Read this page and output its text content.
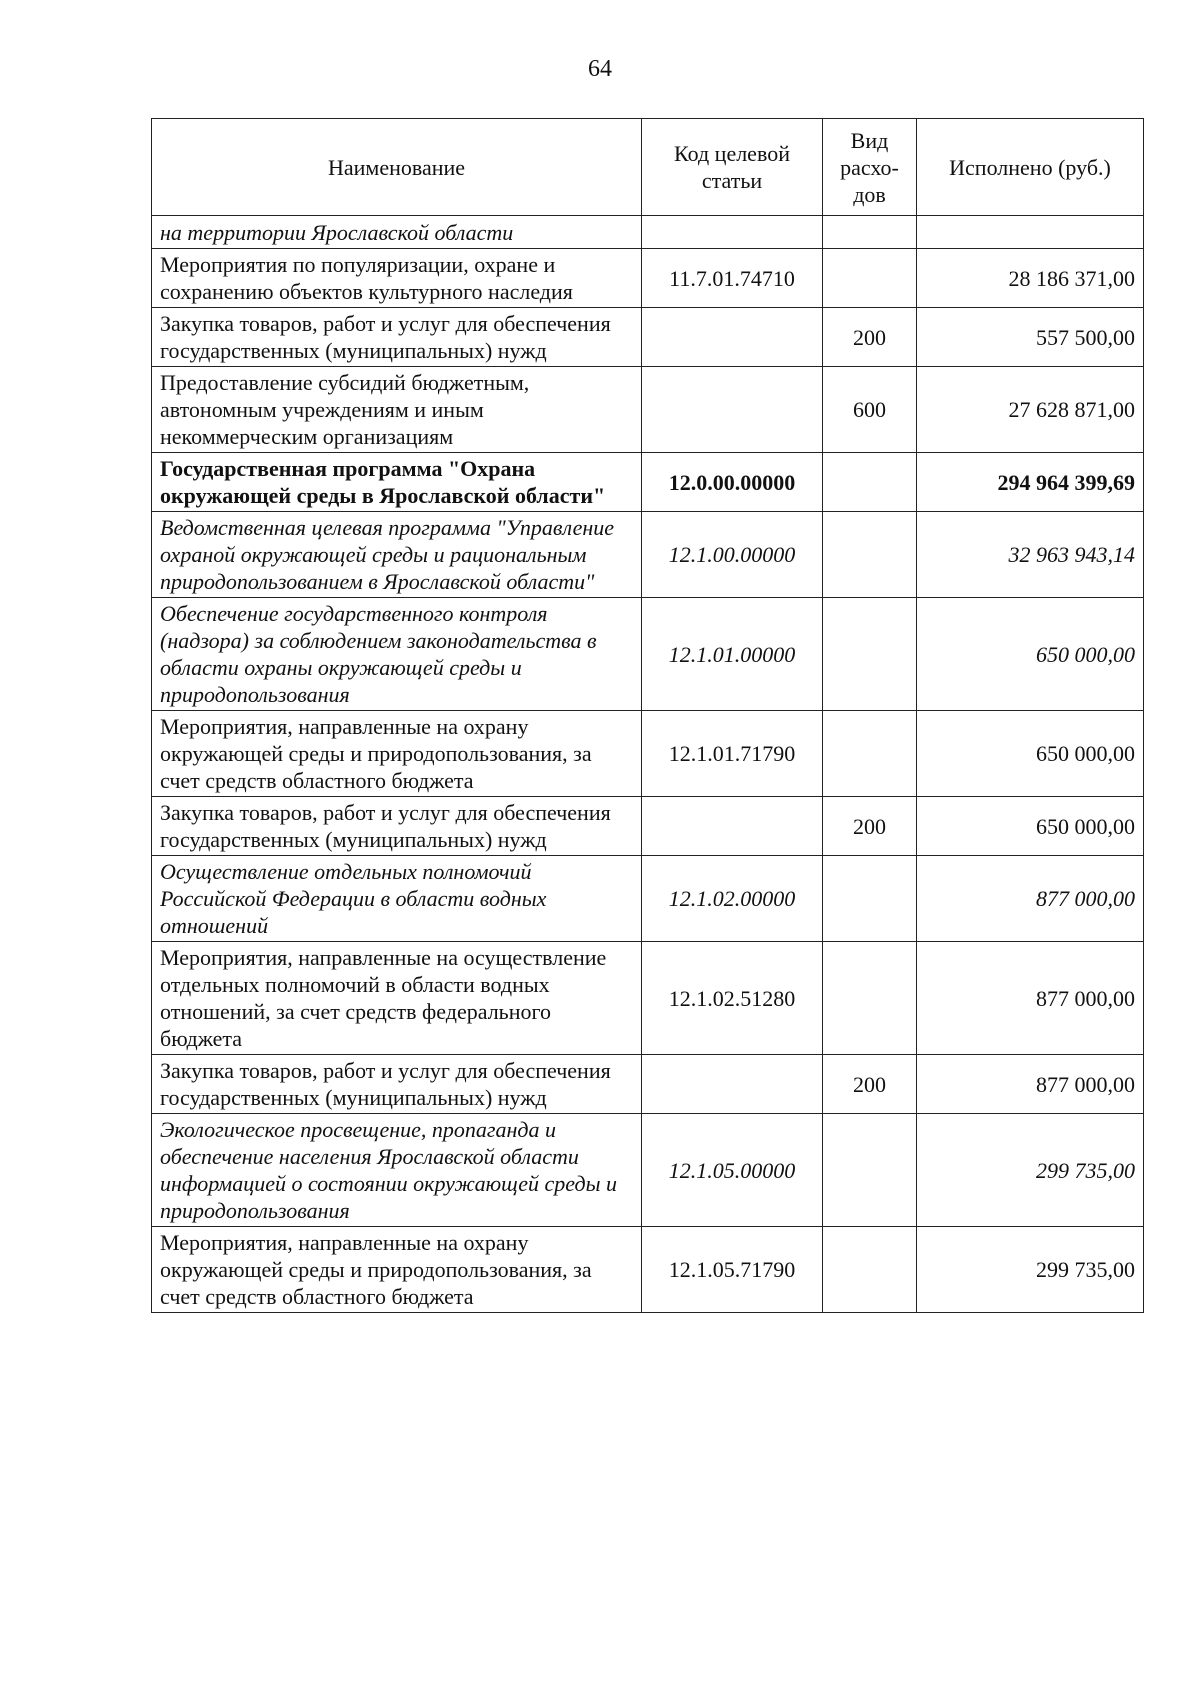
64
Наименование	Код целевой статьи	Вид расхо-дов	Исполнено (руб.)
на территории Ярославской области			
Мероприятия по популяризации, охране и сохранению объектов культурного наследия	11.7.01.74710		28 186 371,00
Закупка товаров, работ и услуг для обеспечения государственных (муниципальных) нужд		200	557 500,00
Предоставление субсидий бюджетным, автономным учреждениям и иным некоммерческим организациям		600	27 628 871,00
Государственная программа "Охрана окружающей среды в Ярославской области"	12.0.00.00000		294 964 399,69
Ведомственная целевая программа "Управление охраной окружающей среды и рациональным природопользованием в Ярославской области"	12.1.00.00000		32 963 943,14
Обеспечение государственного контроля (надзора) за соблюдением законодательства в области охраны окружающей среды и природопользования	12.1.01.00000		650 000,00
Мероприятия, направленные на охрану окружающей среды и природопользования, за счет средств областного бюджета	12.1.01.71790		650 000,00
Закупка товаров, работ и услуг для обеспечения государственных (муниципальных) нужд		200	650 000,00
Осуществление отдельных полномочий Российской Федерации в области водных отношений	12.1.02.00000		877 000,00
Мероприятия, направленные на осуществление отдельных полномочий в области водных отношений, за счет средств федерального бюджета	12.1.02.51280		877 000,00
Закупка товаров, работ и услуг для обеспечения государственных (муниципальных) нужд		200	877 000,00
Экологическое просвещение, пропаганда и обеспечение населения Ярославской области информацией о состоянии окружающей среды и природопользования	12.1.05.00000		299 735,00
Мероприятия, направленные на охрану окружающей среды и природопользования, за счет средств областного бюджета	12.1.05.71790		299 735,00
